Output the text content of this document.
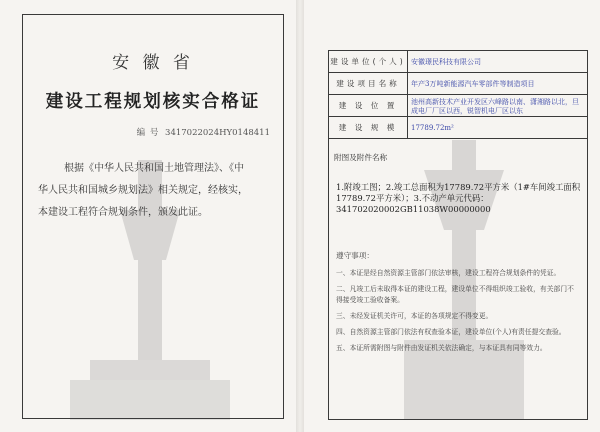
安 徽 省
建设工程规划核实合格证
编 号 3417022024HY0148411
根据《中华人民共和国土地管理法》、《中
华人民共和国城乡规划法》相关规定，经核实，
本建设工程符合规划条件，颁发此证。
建设单位(个人)	安徽璟民科技有限公司
建设项目名称	年产3万吨新能源汽车零部件等制造项目
建 设 位 置	池州高新技术产业开发区六峰路以南、潇湘路以北，旦成电厂厂区以西，锐智机电厂区以东
建 设 规 模	17789.72m²
附图及附件名称
1.附竣工图；2.竣工总面积为17789.72平方米（1#车间竣工面积17789.72平方米）；3.不动产单元代码：341702020002GB11038W00000000
遵守事项：
一、本证是经自然资源主管部门依法审核，建设工程符合规划条件的凭证。
二、凡竣工后未取得本证的建设工程，建设单位不得组织竣工验收，有关部门不得接受竣工验收备案。
三、未经发证机关许可，本证的各项规定不得变更。
四、自然资源主管部门依法有权查验本证，建设单位(个人)有责任提交查验。
五、本证所需附图与附件由发证机关依法确定，与本证具有同等效力。
